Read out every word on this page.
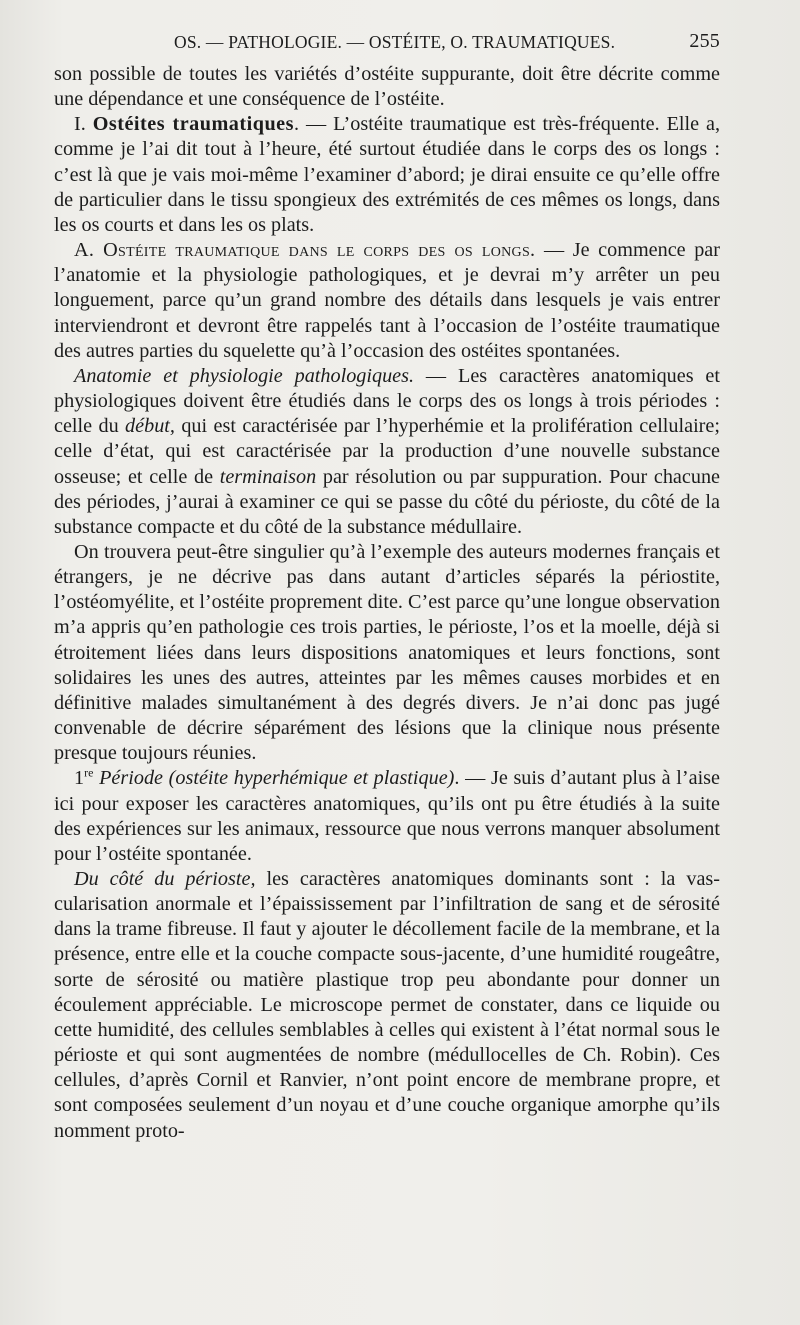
OS. — PATHOLOGIE. — OSTÉITE, O. TRAUMATIQUES.	255

son possible de toutes les variétés d’ostéite suppurante, doit être décrite comme une dépendance et une conséquence de l’ostéite.

I. Ostéites traumatiques. — L’ostéite traumatique est très-fréquente. Elle a, comme je l’ai dit tout à l’heure, été surtout étudiée dans le corps des os longs : c’est là que je vais moi-même l’examiner d’abord; je dirai ensuite ce qu’elle offre de particulier dans le tissu spongieux des extrémités de ces mêmes os longs, dans les os courts et dans les os plats.

A. Ostéite traumatique dans le corps des os longs. — Je commence par l’anatomie et la physiologie pathologiques, et je devrai m’y arrêter un peu longuement, parce qu’un grand nombre des détails dans lesquels je vais entrer interviendront et devront être rappelés tant à l’occasion de l’ostéite traumatique des autres parties du squelette qu’à l’occasion des ostéites spontanées.

Anatomie et physiologie pathologiques. — Les caractères anatomiques et physiologiques doivent être étudiés dans le corps des os longs à trois périodes : celle du début, qui est caractérisée par l’hyperhémie et la prolifération cellulaire; celle d’état, qui est caractérisée par la production d’une nouvelle substance osseuse; et celle de terminaison par résolution ou par suppuration. Pour chacune des périodes, j’aurai à examiner ce qui se passe du côté du périoste, du côté de la substance compacte et du côté de la substance médullaire.

On trouvera peut-être singulier qu’à l’exemple des auteurs modernes français et étrangers, je ne décrive pas dans autant d’articles séparés la périostite, l’ostéomyélite, et l’ostéite proprement dite. C’est parce qu’une longue observation m’a appris qu’en pathologie ces trois parties, le périoste, l’os et la moelle, déjà si étroitement liées dans leurs dispositions anatomiques et leurs fonctions, sont solidaires les unes des autres, atteintes par les mêmes causes morbides et en définitive malades simultanément à des degrés divers. Je n’ai donc pas jugé convenable de décrire séparément des lésions que la clinique nous présente presque toujours réunies.

1re Période (ostéite hyperhémique et plastique). — Je suis d’autant plus à l’aise ici pour exposer les caractères anatomiques, qu’ils ont pu être étudiés à la suite des expériences sur les animaux, ressource que nous verrons manquer absolument pour l’ostéite spontanée.

Du côté du périoste, les caractères anatomiques dominants sont : la vascularisation anormale et l’épaississement par l’infiltration de sang et de sérosité dans la trame fibreuse. Il faut y ajouter le décollement facile de la membrane, et la présence, entre elle et la couche compacte sous-jacente, d’une humidité rougeâtre, sorte de sérosité ou matière plastique trop peu abondante pour donner un écoulement appréciable. Le microscope permet de constater, dans ce liquide ou cette humidité, des cellules semblables à celles qui existent à l’état normal sous le périoste et qui sont augmentées de nombre (médullocelles de Ch. Robin). Ces cellules, d’après Cornil et Ranvier, n’ont point encore de membrane propre, et sont composées seulement d’un noyau et d’une couche organique amorphe qu’ils nomment proto-
